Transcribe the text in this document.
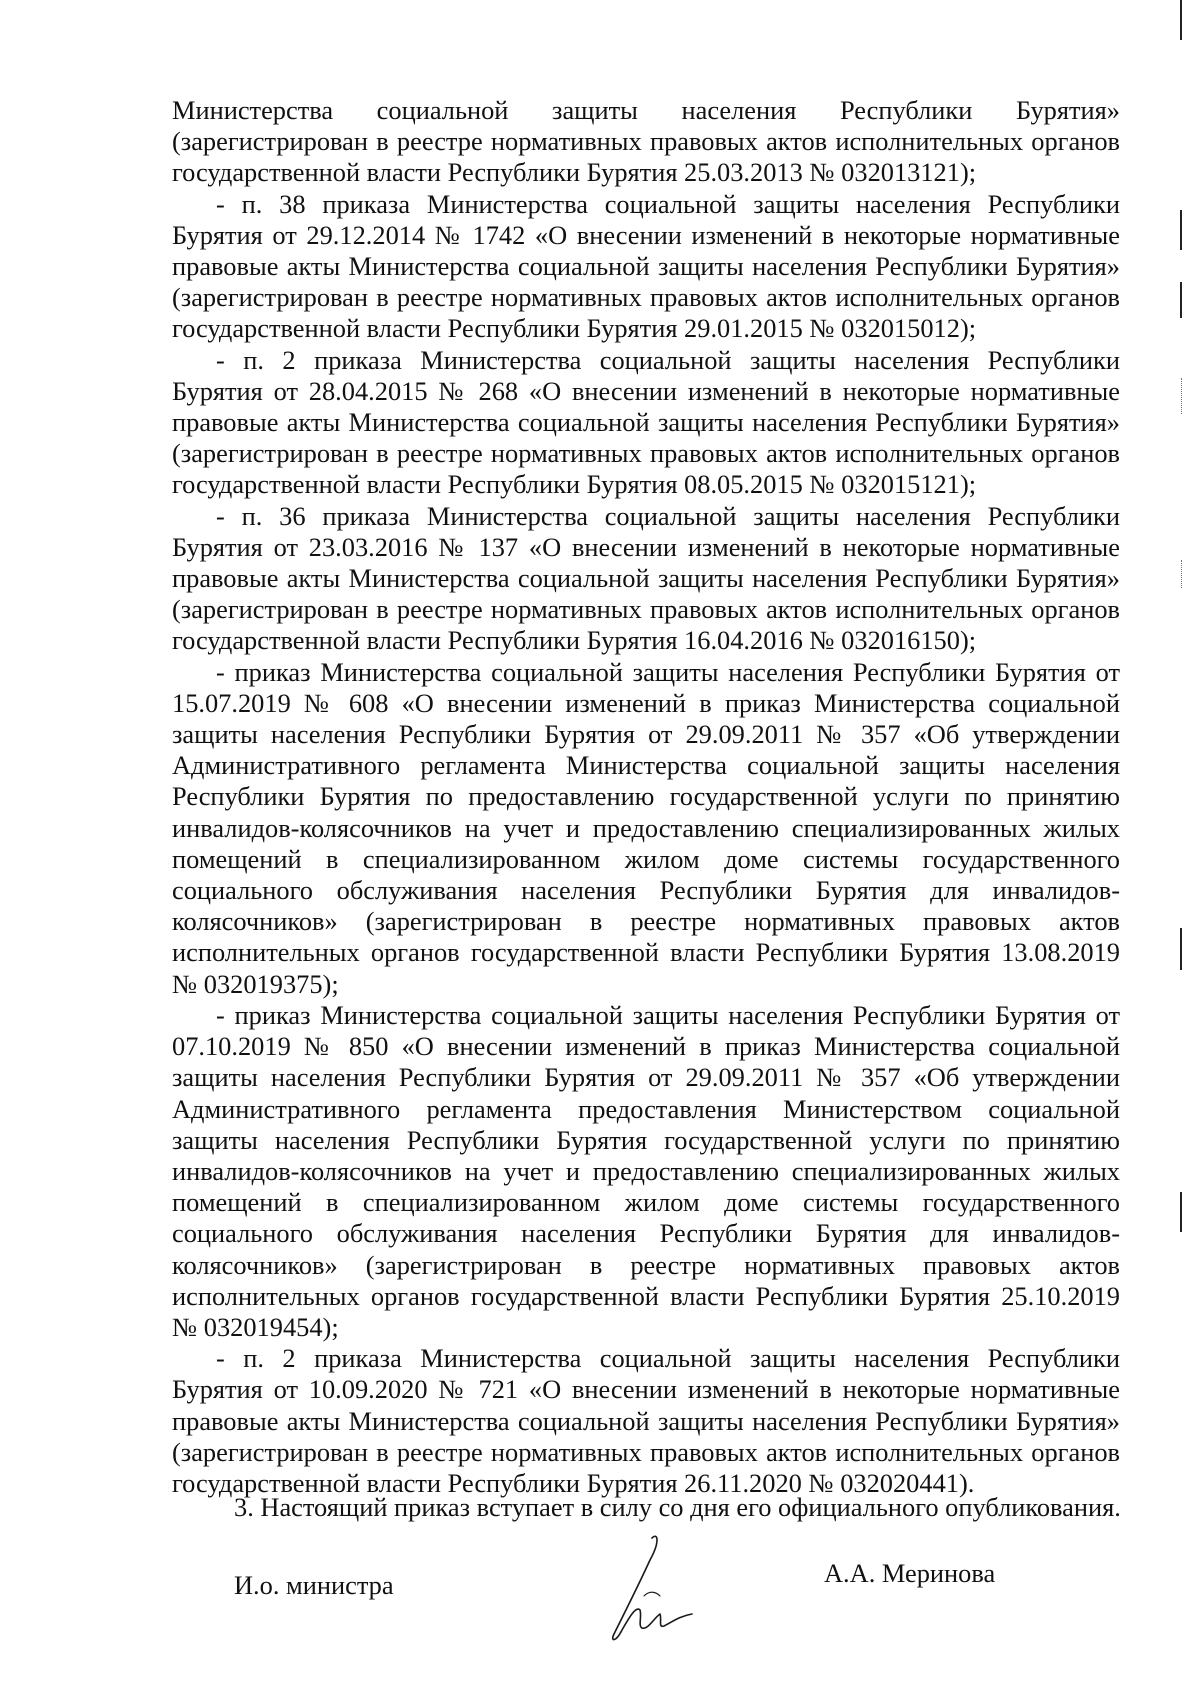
Министерства социальной защиты населения Республики Бурятия» (зарегистрирован в реестре нормативных правовых актов исполнительных органов государственной власти Республики Бурятия 25.03.2013 № 032013121);

- п. 38 приказа Министерства социальной защиты населения Республики Бурятия от 29.12.2014 № 1742 «О внесении изменений в некоторые нормативные правовые акты Министерства социальной защиты населения Республики Бурятия» (зарегистрирован в реестре нормативных правовых актов исполнительных органов государственной власти Республики Бурятия 29.01.2015 № 032015012);

- п. 2 приказа Министерства социальной защиты населения Республики Бурятия от 28.04.2015 № 268 «О внесении изменений в некоторые нормативные правовые акты Министерства социальной защиты населения Республики Бурятия» (зарегистрирован в реестре нормативных правовых актов исполнительных органов государственной власти Республики Бурятия 08.05.2015 № 032015121);

- п. 36 приказа Министерства социальной защиты населения Республики Бурятия от 23.03.2016 № 137 «О внесении изменений в некоторые нормативные правовые акты Министерства социальной защиты населения Республики Бурятия» (зарегистрирован в реестре нормативных правовых актов исполнительных органов государственной власти Республики Бурятия 16.04.2016 № 032016150);

- приказ Министерства социальной защиты населения Республики Бурятия от 15.07.2019 № 608 «О внесении изменений в приказ Министерства социальной защиты населения Республики Бурятия от 29.09.2011 № 357 «Об утверждении Административного регламента Министерства социальной защиты населения Республики Бурятия по предоставлению государственной услуги по принятию инвалидов-колясочников на учет и предоставлению специализированных жилых помещений в специализированном жилом доме системы государственного социального обслуживания населения Республики Бурятия для инвалидов-колясочников» (зарегистрирован в реестре нормативных правовых актов исполнительных органов государственной власти Республики Бурятия 13.08.2019 № 032019375);

- приказ Министерства социальной защиты населения Республики Бурятия от 07.10.2019 № 850 «О внесении изменений в приказ Министерства социальной защиты населения Республики Бурятия от 29.09.2011 № 357 «Об утверждении Административного регламента предоставления Министерством социальной защиты населения Республики Бурятия государственной услуги по принятию инвалидов-колясочников на учет и предоставлению специализированных жилых помещений в специализированном жилом доме системы государственного социального обслуживания населения Республики Бурятия для инвалидов-колясочников» (зарегистрирован в реестре нормативных правовых актов исполнительных органов государственной власти Республики Бурятия 25.10.2019 № 032019454);

- п. 2 приказа Министерства социальной защиты населения Республики Бурятия от 10.09.2020 № 721 «О внесении изменений в некоторые нормативные правовые акты Министерства социальной защиты населения Республики Бурятия» (зарегистрирован в реестре нормативных правовых актов исполнительных органов государственной власти Республики Бурятия 26.11.2020 № 032020441).

3. Настоящий приказ вступает в силу со дня его официального опубликования.

И.о. министра	А.А. Меринова
